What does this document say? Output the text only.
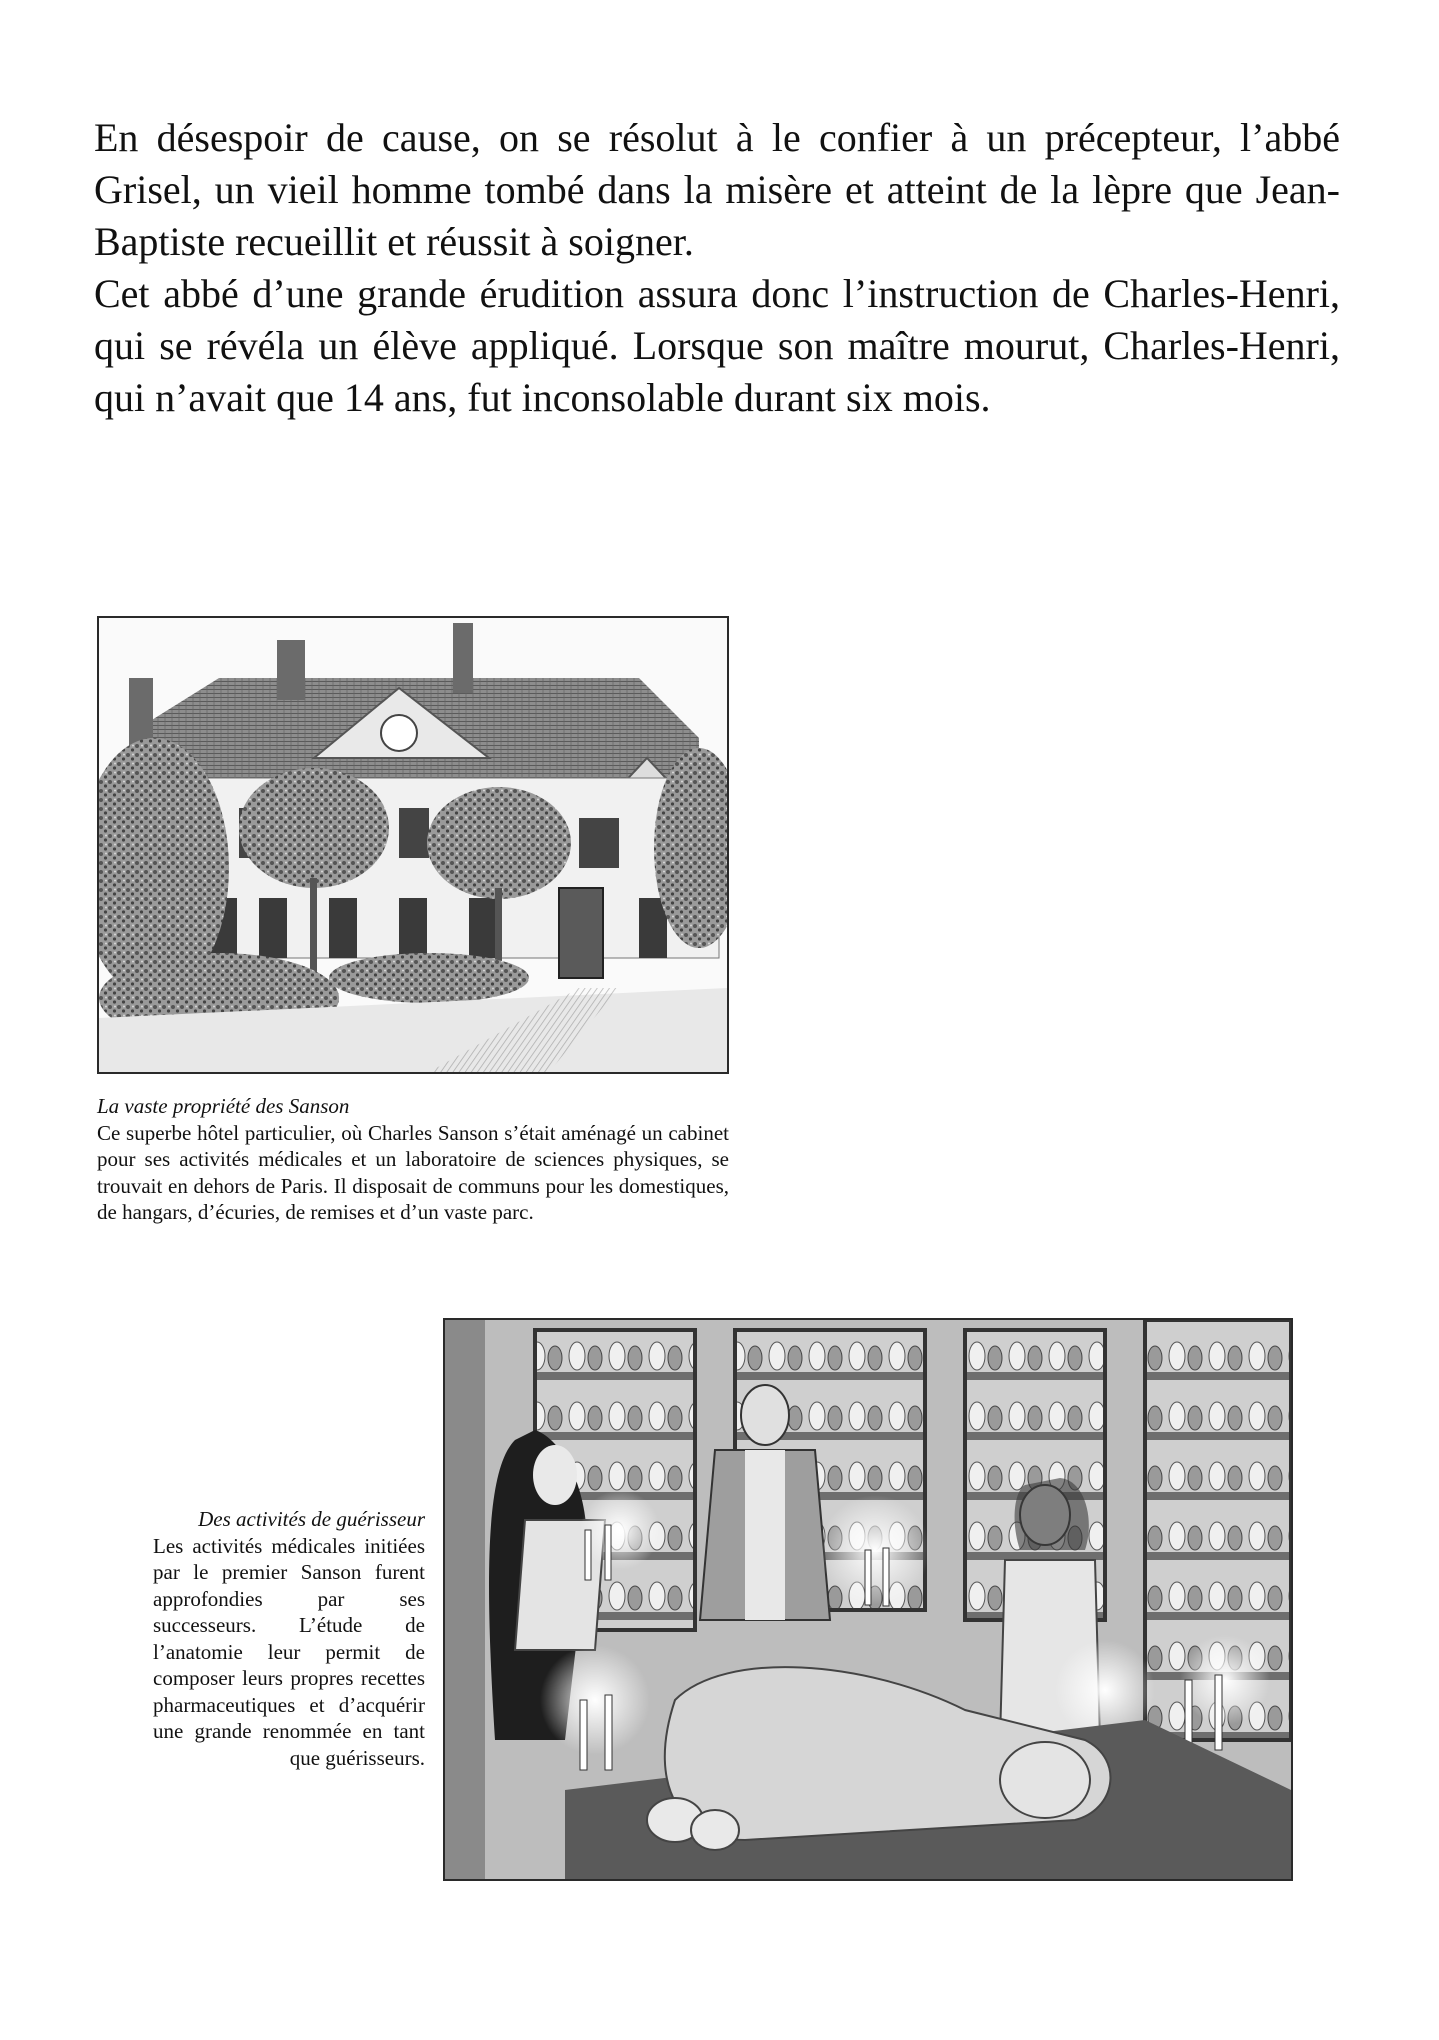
En désespoir de cause, on se résolut à le confier à un précepteur, l’abbé Grisel, un vieil homme tombé dans la misère et atteint de la lèpre que Jean-Baptiste recueillit et réussit à soigner.

Cet abbé d’une grande érudition assura donc l’instruction de Charles-Henri, qui se révéla un élève appliqué. Lorsque son maître mourut, Charles-Henri, qui n’avait que 14 ans, fut inconsolable durant six mois.

La vaste propriété des Sanson
Ce superbe hôtel particulier, où Charles Sanson s’était aménagé un cabinet pour ses activités médicales et un laboratoire de sciences physiques, se trouvait en dehors de Paris. Il disposait de communs pour les domestiques, de hangars, d’écuries, de remises et d’un vaste parc.
Des activités de guérisseur
Les activités médicales initiées par le premier Sanson furent approfondies par ses successeurs. L’étude de l’anatomie leur permit de composer leurs propres recettes pharmaceutiques et d’acquérir une grande renommée en tant que guérisseurs.
